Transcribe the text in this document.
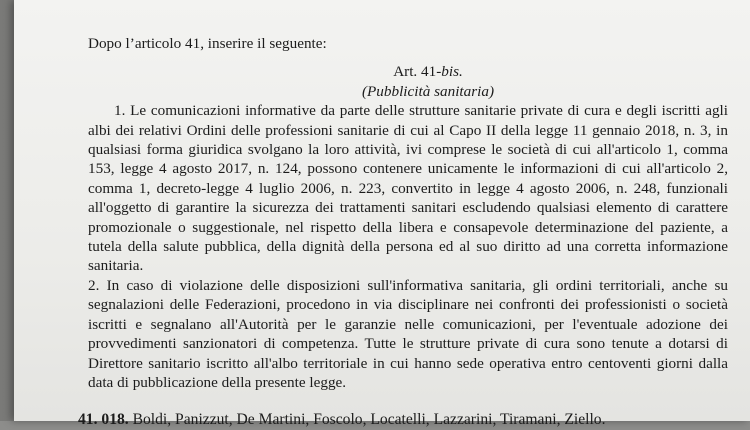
Dopo l’articolo 41, inserire il seguente:

Art. 41-bis.

(Pubblicità sanitaria)

1. Le comunicazioni informative da parte delle strutture sanitarie private di cura e degli iscritti agli albi dei relativi Ordini delle professioni sanitarie di cui al Capo II della legge 11 gennaio 2018, n. 3, in qualsiasi forma giuridica svolgano la loro attività, ivi comprese le società di cui all'articolo 1, comma 153, legge 4 agosto 2017, n. 124, possono contenere unicamente le informazioni di cui all'articolo 2, comma 1, decreto-legge 4 luglio 2006, n. 223, convertito in legge 4 agosto 2006, n. 248, funzionali all'oggetto di garantire la sicurezza dei trattamenti sanitari escludendo qualsiasi elemento di carattere promozionale o suggestionale, nel rispetto della libera e consapevole determinazione del paziente, a tutela della salute pubblica, della dignità della persona ed al suo diritto ad una corretta informazione sanitaria.

2. In caso di violazione delle disposizioni sull'informativa sanitaria, gli ordini territoriali, anche su segnalazioni delle Federazioni, procedono in via disciplinare nei confronti dei professionisti o società iscritti e segnalano all'Autorità per le garanzie nelle comunicazioni, per l'eventuale adozione dei provvedimenti sanzionatori di competenza. Tutte le strutture private di cura sono tenute a dotarsi di Direttore sanitario iscritto all'albo territoriale in cui hanno sede operativa entro centoventi giorni dalla data di pubblicazione della presente legge.

41. 018. Boldi, Panizzut, De Martini, Foscolo, Locatelli, Lazzarini, Tiramani, Ziello.
